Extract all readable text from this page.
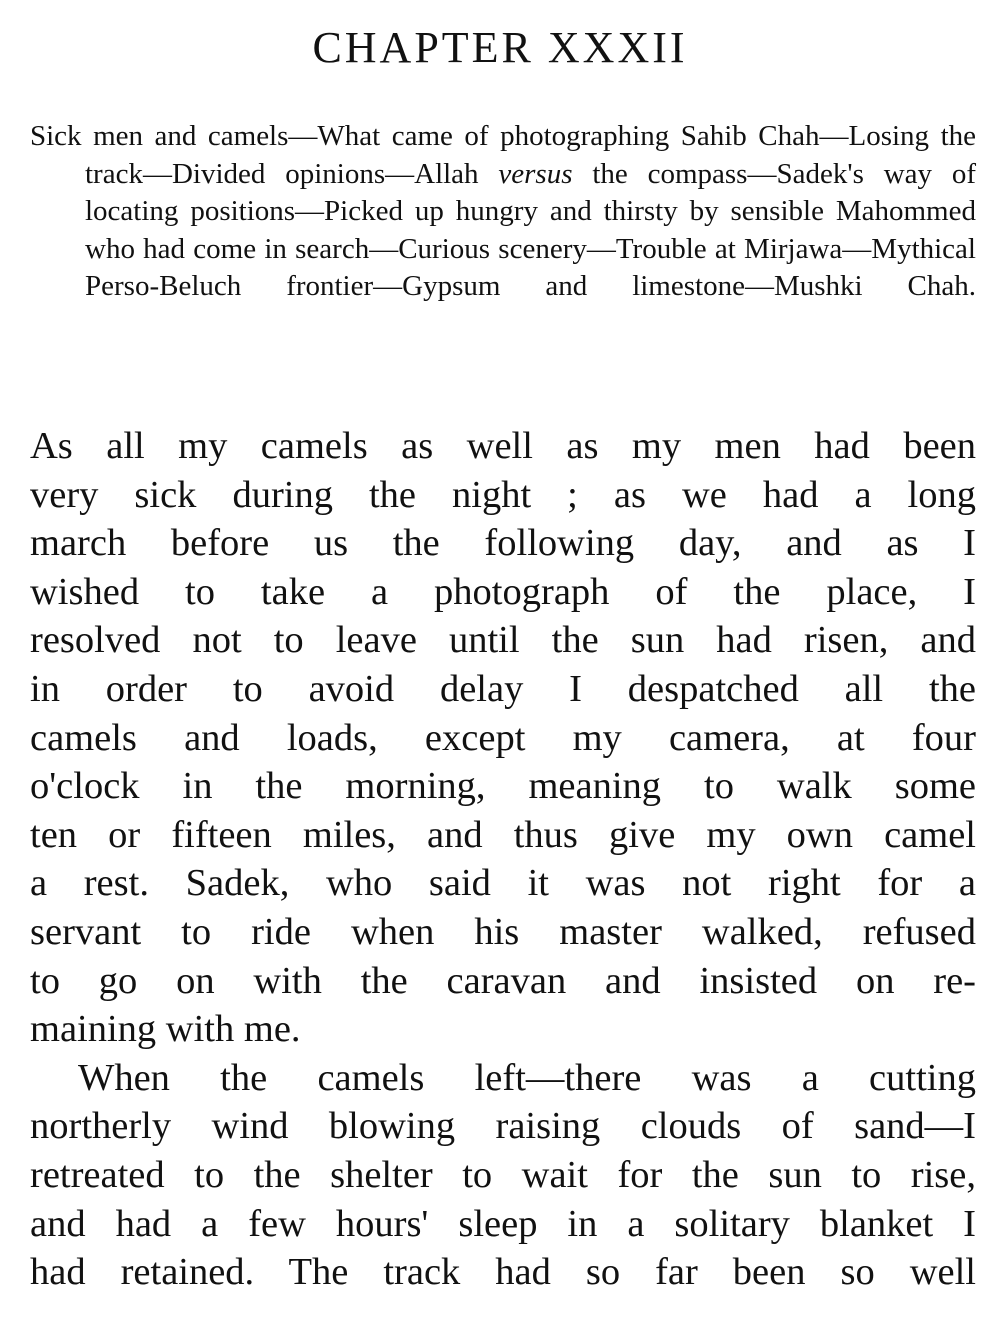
CHAPTER XXXII

Sick men and camels—What came of photographing Sahib Chah—Losing the track—Divided opinions—Allah versus the compass—Sadek's way of locating positions—Picked up hungry and thirsty by sensible Mahommed who had come in search—Curious scenery—Trouble at Mirjawa—Mythical Perso-Beluch frontier—Gypsum and limestone—Mushki Chah.

As all my camels as well as my men had been
very sick during the night ; as we had a long
march before us the following day, and as I
wished to take a photograph of the place, I
resolved not to leave until the sun had risen, and
in order to avoid delay I despatched all the
camels and loads, except my camera, at four
o'clock in the morning, meaning to walk some
ten or fifteen miles, and thus give my own camel
a rest. Sadek, who said it was not right for a
servant to ride when his master walked, refused
to go on with the caravan and insisted on re-
maining with me.
When the camels left—there was a cutting
northerly wind blowing raising clouds of sand—I
retreated to the shelter to wait for the sun to rise,
and had a few hours' sleep in a solitary blanket I
had retained. The track had so far been so well
